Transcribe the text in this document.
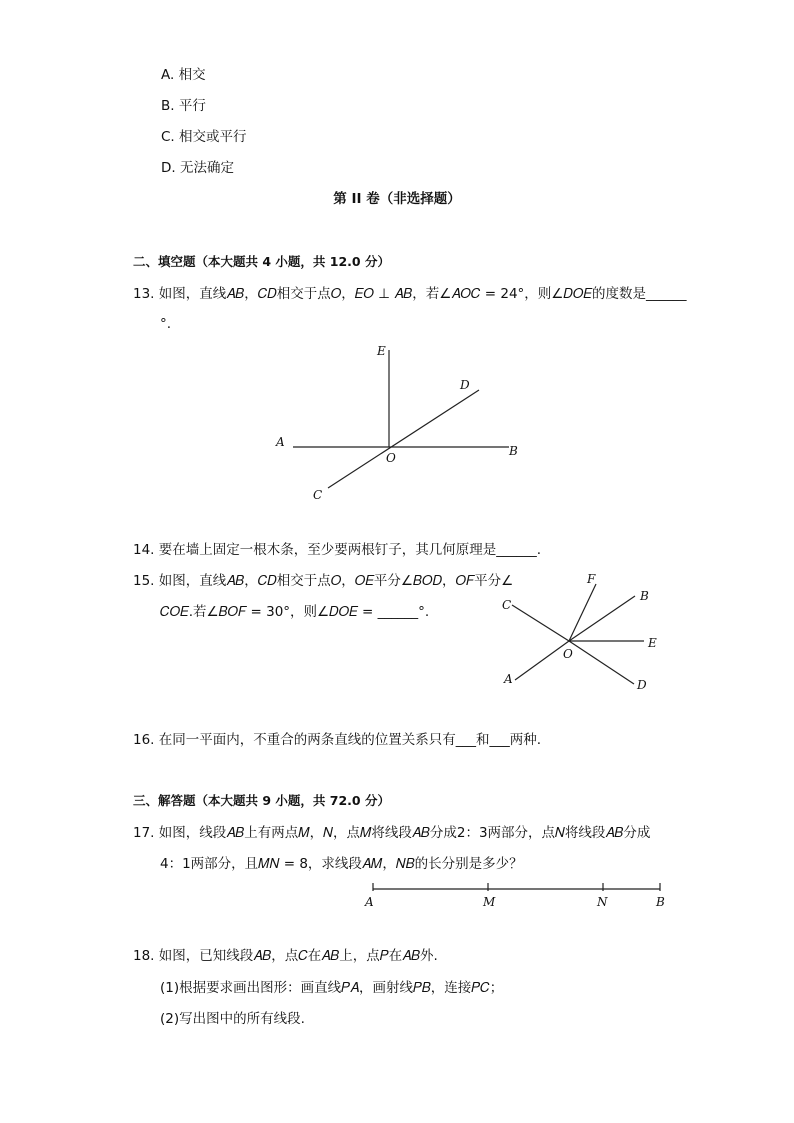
A. 相交
B. 平行
C. 相交或平行
D. 无法确定
第 II 卷（非选择题）
二、填空题（本大题共 4 小题，共 12.0 分）
13. 如图，直线𝐴𝐵，𝐶𝐷相交于点𝑂，𝐸𝑂 ⊥ 𝐴𝐵，若∠𝐴𝑂𝐶 = 24°，则∠𝐷𝑂𝐸的度数是______
°.
E
D
A
O	B
C
14. 要在墙上固定一根木条，至少要两根钉子，其几何原理是______.
15. 如图，直线𝐴𝐵，𝐶𝐷相交于点𝑂，𝑂𝐸平分∠𝐵𝑂𝐷，𝑂𝐹平分∠
𝐶𝑂𝐸.若∠𝐵𝑂𝐹 = 30°，则∠𝐷𝑂𝐸 = ______°.
F
B
C
E
O
A	D
16. 在同一平面内，不重合的两条直线的位置关系只有___和___两种.
三、解答题（本大题共 9 小题，共 72.0 分）
17. 如图，线段𝐴𝐵上有两点𝑀，𝑁，点𝑀将线段𝐴𝐵分成2：3两部分，点𝑁将线段𝐴𝐵分成
4：1两部分，且𝑀𝑁 = 8，求线段𝐴𝑀，𝑁𝐵的长分别是多少？
A	M	N	B
18. 如图，已知线段𝐴𝐵，点𝐶在𝐴𝐵上，点𝑃在𝐴𝐵外.
(1)根据要求画出图形：画直线𝑃𝐴，画射线𝑃𝐵，连接𝑃𝐶；
(2)写出图中的所有线段.
